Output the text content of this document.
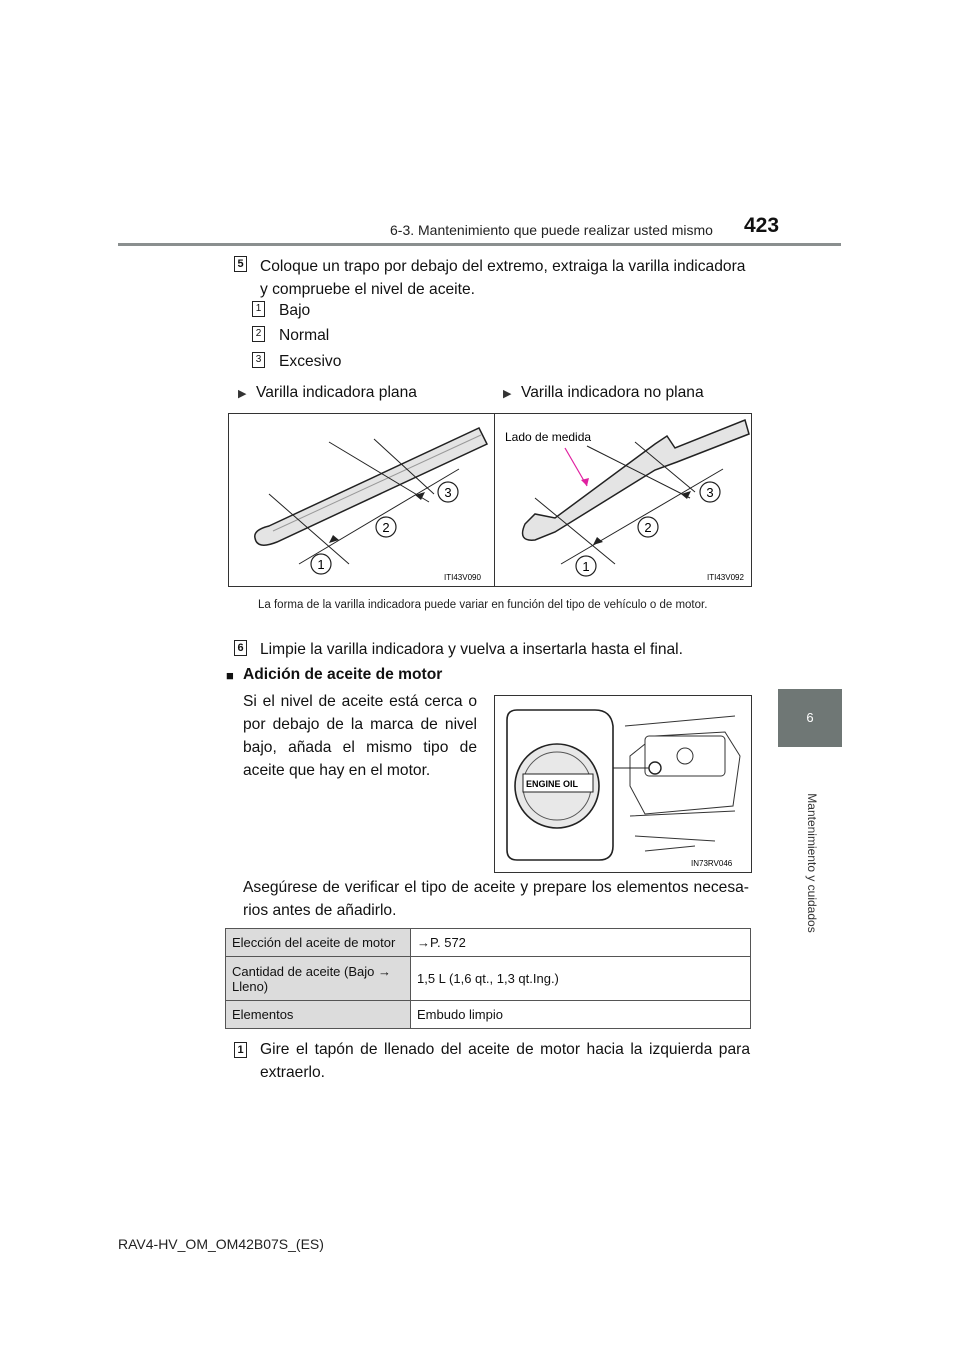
6-3. Mantenimiento que puede realizar usted mismo 423
6
Mantenimiento y cuidados
5 Coloque un trapo por debajo del extremo, extraiga la varilla indicadora y compruebe el nivel de aceite.
1 Bajo
2 Normal
3 Excesivo
▶ Varilla indicadora plana	▶ Varilla indicadora no plana
1
2
3
ITI43V090
Lado de medida
1
2
3
ITI43V092
La forma de la varilla indicadora puede variar en función del tipo de vehículo o de motor.
6 Limpie la varilla indicadora y vuelva a insertarla hasta el final.
■ Adición de aceite de motor
Si el nivel de aceite está cerca o por debajo de la marca de nivel bajo, añada el mismo tipo de aceite que hay en el motor.
ENGINE OIL
IN73RV046
Asegúrese de verificar el tipo de aceite y prepare los elementos necesa-rios antes de añadirlo.
Elección del aceite de motor	→P. 572
Cantidad de aceite (Bajo → Lleno)	1,5 L (1,6 qt., 1,3 qt.Ing.)
Elementos	Embudo limpio
1 Gire el tapón de llenado del aceite de motor hacia la izquierda para extraerlo.
RAV4-HV_OM_OM42B07S_(ES)
